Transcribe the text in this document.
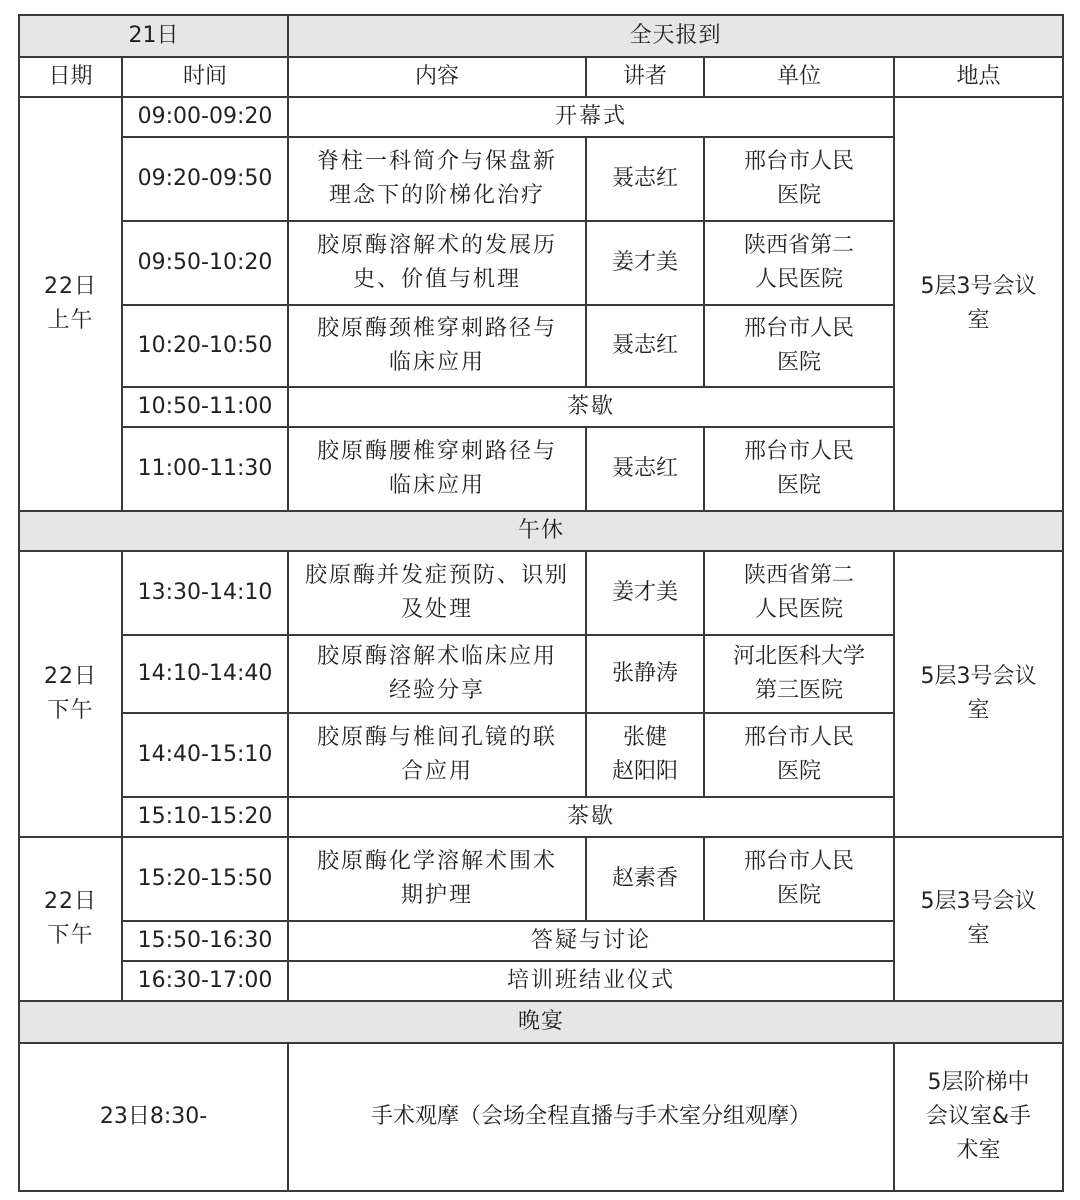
21日		全天报到			
日期	时间	内容	讲者	单位	地点
22日
上午	09:00-09:20	开幕式			5层3号会议
室
	09:20-09:50	脊柱一科简介与保盘新
理念下的阶梯化治疗	聂志红	邢台市人民
医院	
	09:50-10:20	胶原酶溶解术的发展历
史、价值与机理	姜才美	陕西省第二
人民医院	
	10:20-10:50	胶原酶颈椎穿刺路径与
临床应用	聂志红	邢台市人民
医院	
	10:50-11:00	茶歇			
	11:00-11:30	胶原酶腰椎穿刺路径与
临床应用	聂志红	邢台市人民
医院	
午休					
22日
下午	13:30-14:10	胶原酶并发症预防、识别
及处理	姜才美	陕西省第二
人民医院	5层3号会议
室
	14:10-14:40	胶原酶溶解术临床应用
经验分享	张静涛	河北医科大学
第三医院	
	14:40-15:10	胶原酶与椎间孔镜的联
合应用	张健
赵阳阳	邢台市人民
医院	
	15:10-15:20	茶歇			
22日
下午	15:20-15:50	胶原酶化学溶解术围术
期护理	赵素香	邢台市人民
医院	5层3号会议
室
	15:50-16:30	答疑与讨论			
	16:30-17:00	培训班结业仪式			
晚宴					
23日8:30-		手术观摩（会场全程直播与手术室分组观摩）			5层阶梯中
会议室&手
术室
